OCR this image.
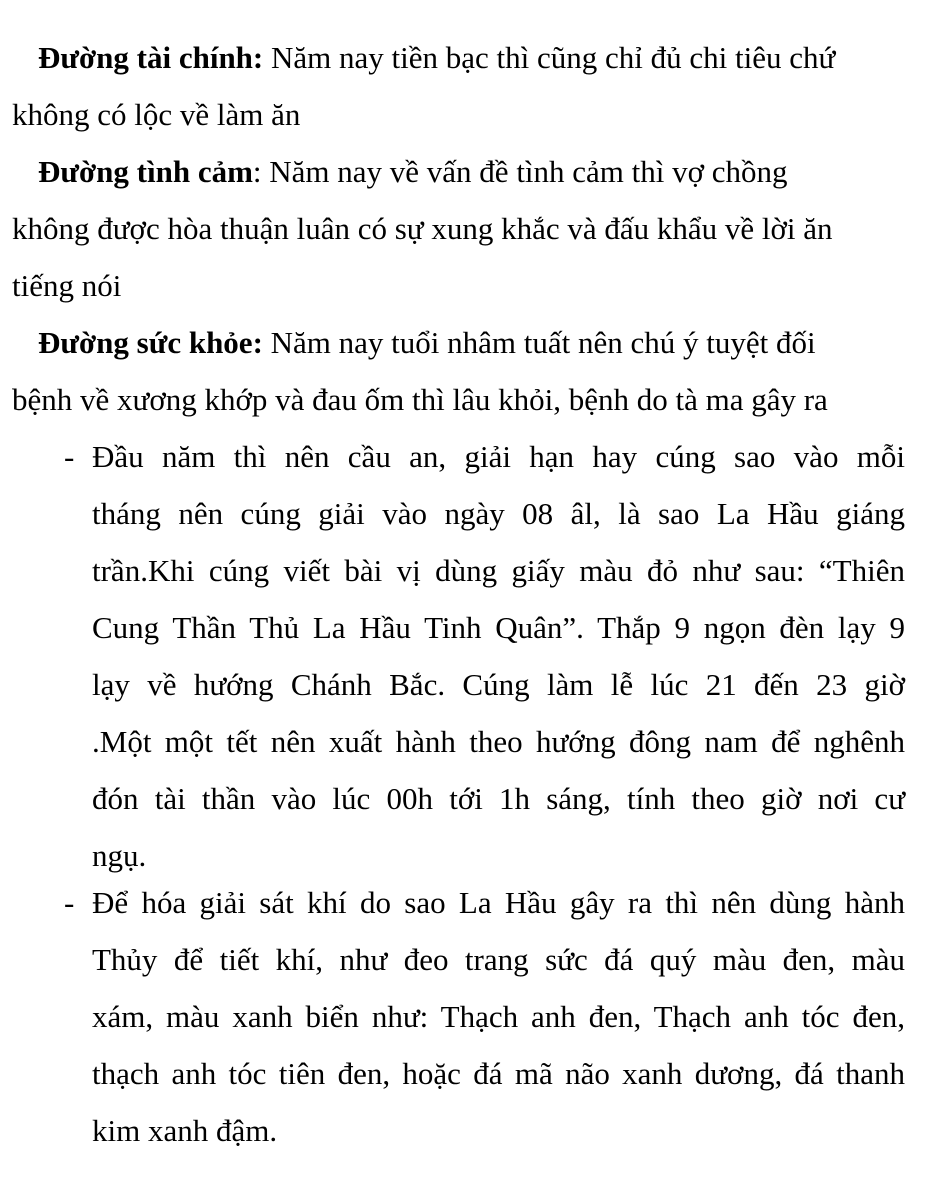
Đường tài chính: Năm nay tiền bạc thì cũng chỉ đủ chi tiêu chứ
không có lộc về làm ăn
Đường tình cảm: Năm nay về vấn đề tình cảm thì vợ chồng
không được hòa thuận luân có sự xung khắc và đấu khẩu về lời ăn
tiếng nói
Đường sức khỏe: Năm nay tuổi nhâm tuất nên chú ý tuyệt đối
bệnh về xương khớp và đau ốm thì lâu khỏi, bệnh do tà ma gây ra
- Đầu năm thì nên cầu an, giải hạn hay cúng sao vào mỗi
tháng nên cúng giải vào ngày 08 âl, là sao La Hầu giáng
trần.Khi cúng viết bài vị dùng giấy màu đỏ như sau: “Thiên
Cung Thần Thủ La Hầu Tinh Quân”. Thắp 9 ngọn đèn lạy 9
lạy về hướng Chánh Bắc. Cúng làm lễ lúc 21 đến 23 giờ
.Một một tết nên xuất hành theo hướng đông nam để nghênh
đón tài thần vào lúc 00h tới 1h sáng, tính theo giờ nơi cư
ngụ.
- Để hóa giải sát khí do sao La Hầu gây ra thì nên dùng hành
Thủy để tiết khí, như đeo trang sức đá quý màu đen, màu
xám, màu xanh biển như: Thạch anh đen, Thạch anh tóc đen,
thạch anh tóc tiên đen, hoặc đá mã não xanh dương, đá thanh
kim xanh đậm.
